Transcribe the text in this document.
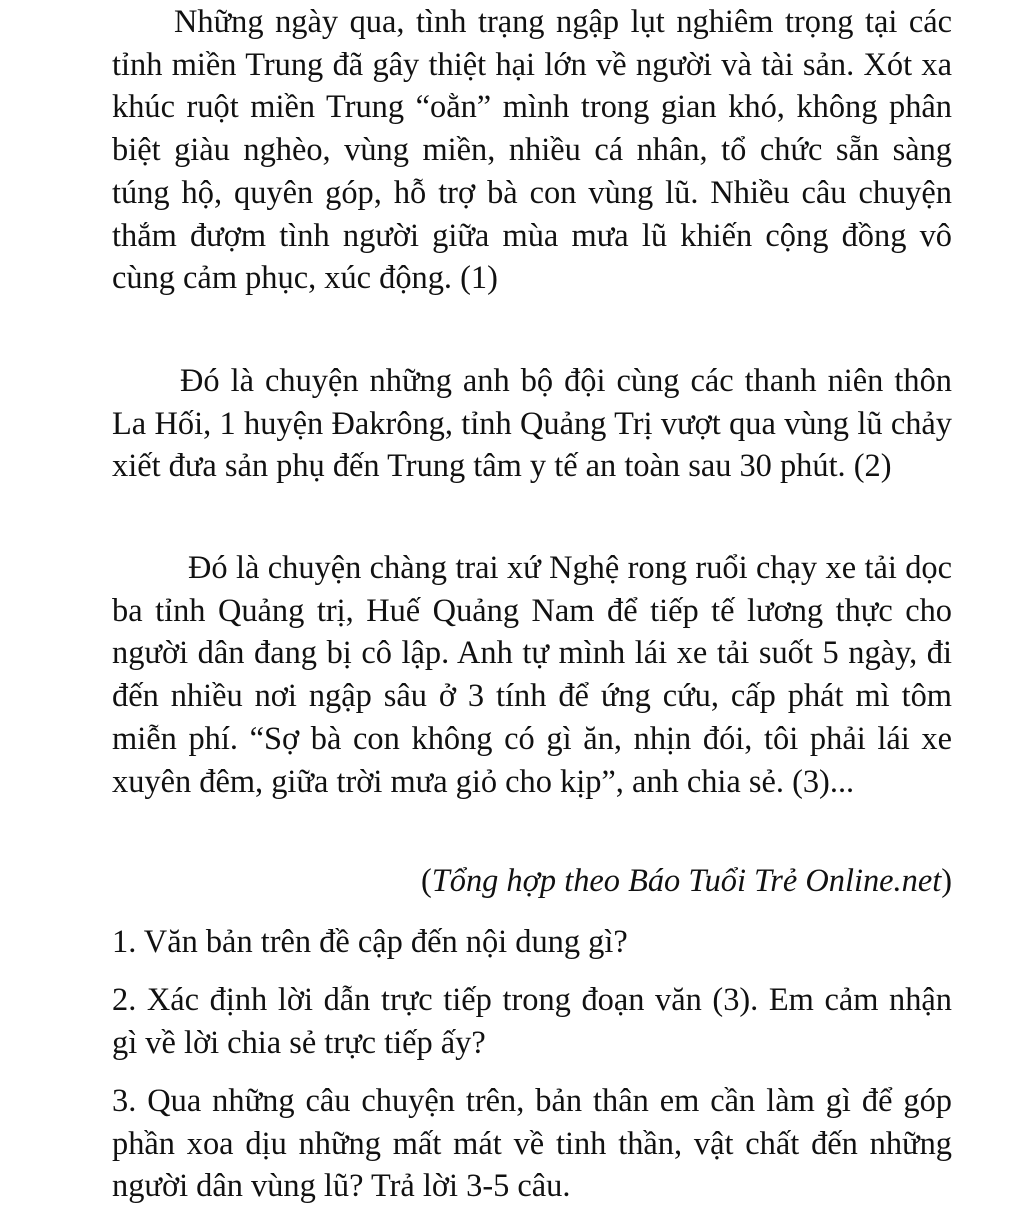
Những ngày qua, tình trạng ngập lụt nghiêm trọng tại các tỉnh miền Trung đã gây thiệt hại lớn về người và tài sản. Xót xa khúc ruột miền Trung “oằn” mình trong gian khó, không phân biệt giàu nghèo, vùng miền, nhiều cá nhân, tổ chức sẵn sàng túng hộ, quyên góp, hỗ trợ bà con vùng lũ. Nhiều câu chuyện thắm đượm tình người giữa mùa mưa lũ khiến cộng đồng vô cùng cảm phục, xúc động. (1)

Đó là chuyện những anh bộ đội cùng các thanh niên thôn La Hối, 1 huyện Đakrông, tỉnh Quảng Trị vượt qua vùng lũ chảy xiết đưa sản phụ đến Trung tâm y tế an toàn sau 30 phút. (2)

Đó là chuyện chàng trai xứ Nghệ rong ruổi chạy xe tải dọc ba tỉnh Quảng trị, Huế Quảng Nam để tiếp tế lương thực cho người dân đang bị cô lập. Anh tự mình lái xe tải suốt 5 ngày, đi đến nhiều nơi ngập sâu ở 3 tính để ứng cứu, cấp phát mì tôm miễn phí. “Sợ bà con không có gì ăn, nhịn đói, tôi phải lái xe xuyên đêm, giữa trời mưa giỏ cho kịp”, anh chia sẻ. (3)...

(Tổng hợp theo Báo Tuổi Trẻ Online.net)

1. Văn bản trên đề cập đến nội dung gì?

2. Xác định lời dẫn trực tiếp trong đoạn văn (3). Em cảm nhận gì về lời chia sẻ trực tiếp ấy?

3. Qua những câu chuyện trên, bản thân em cần làm gì để góp phần xoa dịu những mất mát về tinh thần, vật chất đến những người dân vùng lũ? Trả lời 3-5 câu.
